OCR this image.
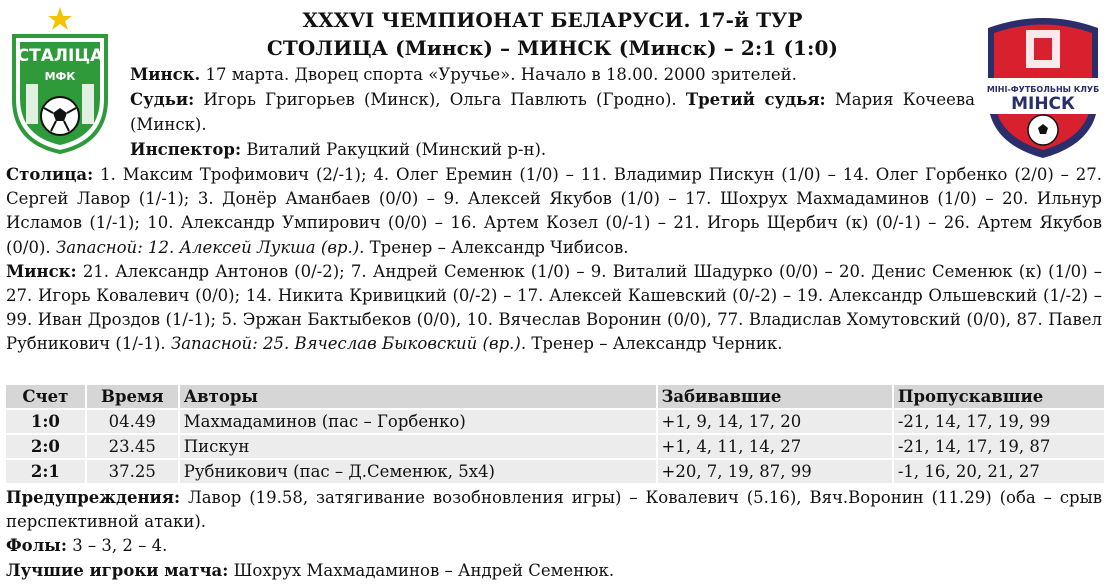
СТАЛІЦА
МФК
XXXVI ЧЕМПИОНАТ БЕЛАРУСИ. 17-й ТУР
СТОЛИЦА (Минск) – МИНСК (Минск) – 2:1 (1:0)
Минск. 17 марта. Дворец спорта «Уручье». Начало в 18.00. 2000 зрителей.
Судьи: Игорь Григорьев (Минск), Ольга Павлють (Гродно). Третий судья: Мария Кочеева (Минск).
Инспектор: Виталий Ракуцкий (Минский р-н).
МІНІ-ФУТБОЛЬНЫ КЛУБ
МІНСК

Столица: 1. Максим Трофимович (2/-1); 4. Олег Еремин (1/0) – 11. Владимир Пискун (1/0) – 14. Олег Горбенко (2/0) – 27. Сергей Лавор (1/-1); 3. Донёр Аманбаев (0/0) – 9. Алексей Якубов (1/0) – 17. Шохрух Махмадаминов (1/0) – 20. Ильнур Исламов (1/-1); 10. Александр Умпирович (0/0) – 16. Артем Козел (0/-1) – 21. Игорь Щербич (к) (0/-1) – 26. Артем Якубов (0/0). Запасной: 12. Алексей Лукша (вр.). Тренер – Александр Чибисов.

Минск: 21. Александр Антонов (0/-2); 7. Андрей Семенюк (1/0) – 9. Виталий Шадурко (0/0) – 20. Денис Семенюк (к) (1/0) – 27. Игорь Ковалевич (0/0); 14. Никита Кривицкий (0/-2) – 17. Алексей Кашевский (0/-2) – 19. Александр Ольшевский (1/-2) – 99. Иван Дроздов (1/-1); 5. Эржан Бактыбеков (0/0), 10. Вячеслав Воронин (0/0), 77. Владислав Хомутовский (0/0), 87. Павел Рубникович (1/-1). Запасной: 25. Вячеслав Быковский (вр.). Тренер – Александр Черник.

Счет	Время	Авторы	Забивавшие	Пропускавшие
1:0	04.49	Махмадаминов (пас – Горбенко)	+1, 9, 14, 17, 20	-21, 14, 17, 19, 99
2:0	23.45	Пискун	+1, 4, 11, 14, 27	-21, 14, 17, 19, 87
2:1	37.25	Рубникович (пас – Д.Семенюк, 5х4)	+20, 7, 19, 87, 99	-1, 16, 20, 21, 27

Предупреждения: Лавор (19.58, затягивание возобновления игры) – Ковалевич (5.16), Вяч.Воронин (11.29) (оба – срыв перспективной атаки).

Фолы: 3 – 3, 2 – 4.

Лучшие игроки матча: Шохрух Махмадаминов – Андрей Семенюк.
